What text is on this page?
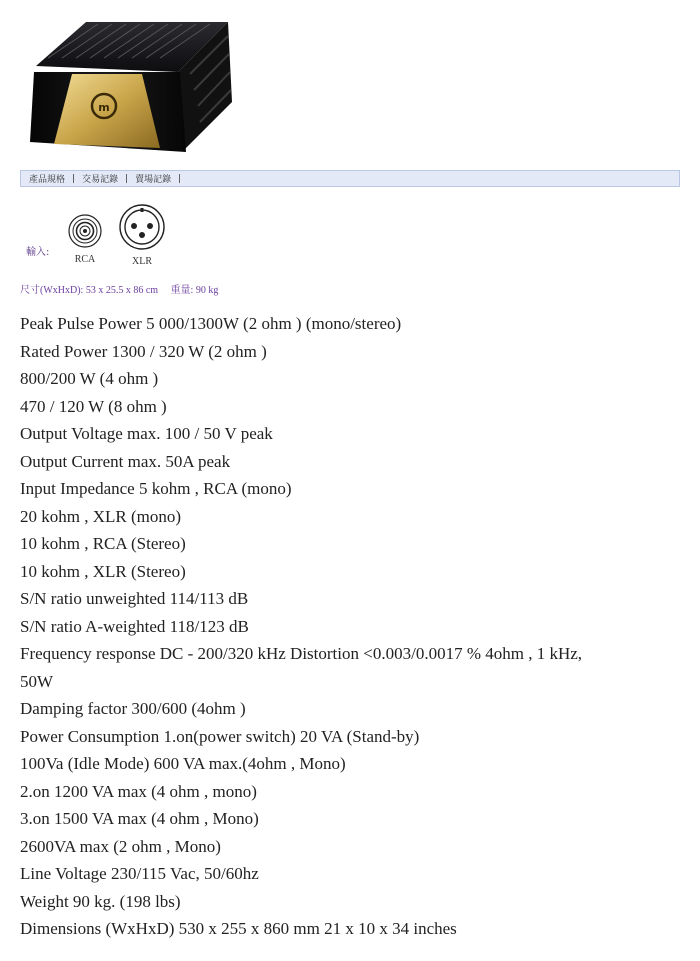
m
產品規格 | 交易記錄 | 賣場記錄 |
輸入:
RCA	XLR
尺寸(WxHxD): 53 x 25.5 x 86 cm 重量: 90 kg

Peak Pulse Power 5 000/1300W (2 ohm ) (mono/stereo)

Rated Power 1300 / 320 W (2 ohm )

800/200 W (4 ohm )

470 / 120 W (8 ohm )

Output Voltage max. 100 / 50 V peak

Output Current max. 50A peak

Input Impedance 5 kohm , RCA (mono)

20 kohm , XLR (mono)

10 kohm , RCA (Stereo)

10 kohm , XLR (Stereo)

S/N ratio unweighted 114/113 dB

S/N ratio A-weighted 118/123 dB

Frequency response DC - 200/320 kHz Distortion <0.003/0.0017 % 4ohm , 1 kHz,

50W

Damping factor 300/600 (4ohm )

Power Consumption 1.on(power switch) 20 VA (Stand-by)

100Va (Idle Mode) 600 VA max.(4ohm , Mono)

2.on 1200 VA max (4 ohm , mono)

3.on 1500 VA max (4 ohm , Mono)

2600VA max (2 ohm , Mono)

Line Voltage 230/115 Vac, 50/60hz

Weight 90 kg. (198 lbs)

Dimensions (WxHxD) 530 x 255 x 860 mm 21 x 10 x 34 inches
